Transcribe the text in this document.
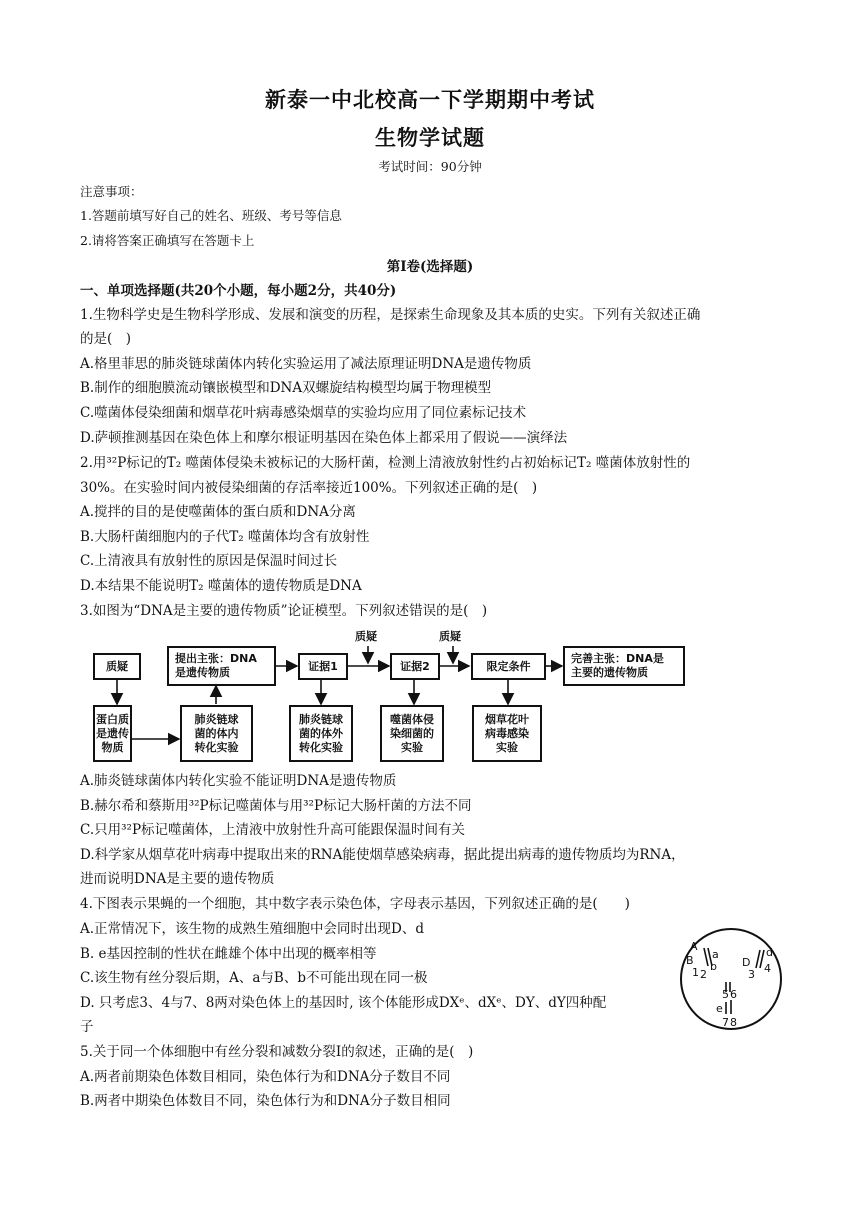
新泰一中北校高一下学期期中考试
生物学试题
考试时间：90分钟
注意事项：
1.答题前填写好自己的姓名、班级、考号等信息
2.请将答案正确填写在答题卡上
第Ⅰ卷(选择题)
一、单项选择题(共20个小题，每小题2分，共40分)
1.生物科学史是生物科学形成、发展和演变的历程，是探索生命现象及其本质的史实。下列有关叙述正确
的是(　)
A.格里菲思的肺炎链球菌体内转化实验运用了减法原理证明DNA是遗传物质
B.制作的细胞膜流动镶嵌模型和DNA双螺旋结构模型均属于物理模型
C.噬菌体侵染细菌和烟草花叶病毒感染烟草的实验均应用了同位素标记技术
D.萨顿推测基因在染色体上和摩尔根证明基因在染色体上都采用了假说——演绎法
2.用³²P标记的T₂ 噬菌体侵染未被标记的大肠杆菌，检测上清液放射性约占初始标记T₂ 噬菌体放射性的
30%。在实验时间内被侵染细菌的存活率接近100%。下列叙述正确的是(　)
A.搅拌的目的是使噬菌体的蛋白质和DNA分离
B.大肠杆菌细胞内的子代T₂ 噬菌体均含有放射性
C.上清液具有放射性的原因是保温时间过长
D.本结果不能说明T₂ 噬菌体的遗传物质是DNA
3.如图为“DNA是主要的遗传物质”论证模型。下列叙述错误的是(　)
质疑	质疑
质疑
提出主张：DNA
是遗传物质	证据1	证据2	限定条件
完善主张：DNA是
主要的遗传物质
蛋白质
是遗传
物质
肺炎链球
菌的体内
转化实验
肺炎链球
菌的体外
转化实验
噬菌体侵
染细菌的
实验
烟草花叶
病毒感染
实验
A.肺炎链球菌体内转化实验不能证明DNA是遗传物质
B.赫尔希和蔡斯用³²P标记噬菌体与用³²P标记大肠杆菌的方法不同
C.只用³²P标记噬菌体，上清液中放射性升高可能跟保温时间有关
D.科学家从烟草花叶病毒中提取出来的RNA能使烟草感染病毒，据此提出病毒的遗传物质均为RNA，
进而说明DNA是主要的遗传物质
4.下图表示果蝇的一个细胞，其中数字表示染色体，字母表示基因，下列叙述正确的是(　　)
A.正常情况下，该生物的成熟生殖细胞中会同时出现D、d
B. e基因控制的性状在雌雄个体中出现的概率相等
C.该生物有丝分裂后期，A、a与B、b不可能出现在同一极
D. 只考虑3、4与7、8两对染色体上的基因时, 该个体能形成DXᵉ、dXᵉ、DY、dY四种配
子
A
a
B b
1 2
D
d
3 4
5 6
7 8
e
5.关于同一个体细胞中有丝分裂和减数分裂Ⅰ的叙述，正确的是(　)
A.两者前期染色体数目相同，染色体行为和DNA分子数目不同
B.两者中期染色体数目不同，染色体行为和DNA分子数目相同
